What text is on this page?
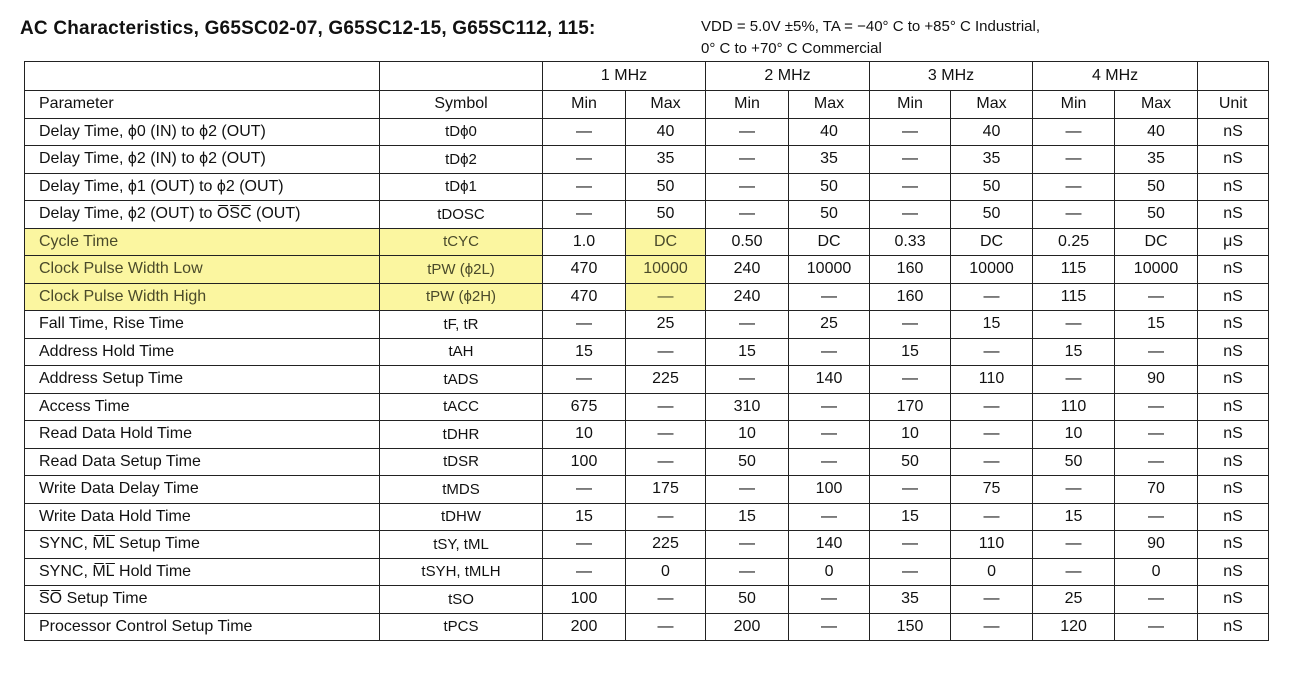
AC Characteristics, G65SC02-07, G65SC12-15, G65SC112, 115:	VDD = 5.0V ±5%, TA = −40° C to +85° C Industrial,
0° C to +70° C Commercial
		1 MHz		2 MHz		3 MHz		4 MHz		
Parameter	Symbol	Min	Max	Min	Max	Min	Max	Min	Max	Unit
Delay Time, ϕ0 (IN) to ϕ2 (OUT)	tDϕ0	—	40	—	40	—	40	—	40	nS
Delay Time, ϕ2 (IN) to ϕ2 (OUT)	tDϕ2	—	35	—	35	—	35	—	35	nS
Delay Time, ϕ1 (OUT) to ϕ2 (OUT)	tDϕ1	—	50	—	50	—	50	—	50	nS
Delay Time, ϕ2 (OUT) to O̅S̅C̅ (OUT)	tDOSC	—	50	—	50	—	50	—	50	nS
Cycle Time	tCYC	1.0	DC	0.50	DC	0.33	DC	0.25	DC	μS
Clock Pulse Width Low	tPW (ϕ2L)	470	10000	240	10000	160	10000	115	10000	nS
Clock Pulse Width High	tPW (ϕ2H)	470	—	240	—	160	—	115	—	nS
Fall Time, Rise Time	tF, tR	—	25	—	25	—	15	—	15	nS
Address Hold Time	tAH	15	—	15	—	15	—	15	—	nS
Address Setup Time	tADS	—	225	—	140	—	110	—	90	nS
Access Time	tACC	675	—	310	—	170	—	110	—	nS
Read Data Hold Time	tDHR	10	—	10	—	10	—	10	—	nS
Read Data Setup Time	tDSR	100	—	50	—	50	—	50	—	nS
Write Data Delay Time	tMDS	—	175	—	100	—	75	—	70	nS
Write Data Hold Time	tDHW	15	—	15	—	15	—	15	—	nS
SYNC, M̅L̅ Setup Time	tSY, tML	—	225	—	140	—	110	—	90	nS
SYNC, M̅L̅ Hold Time	tSYH, tMLH	—	0	—	0	—	0	—	0	nS
S̅O̅ Setup Time	tSO	100	—	50	—	35	—	25	—	nS
Processor Control Setup Time	tPCS	200	—	200	—	150	—	120	—	nS
